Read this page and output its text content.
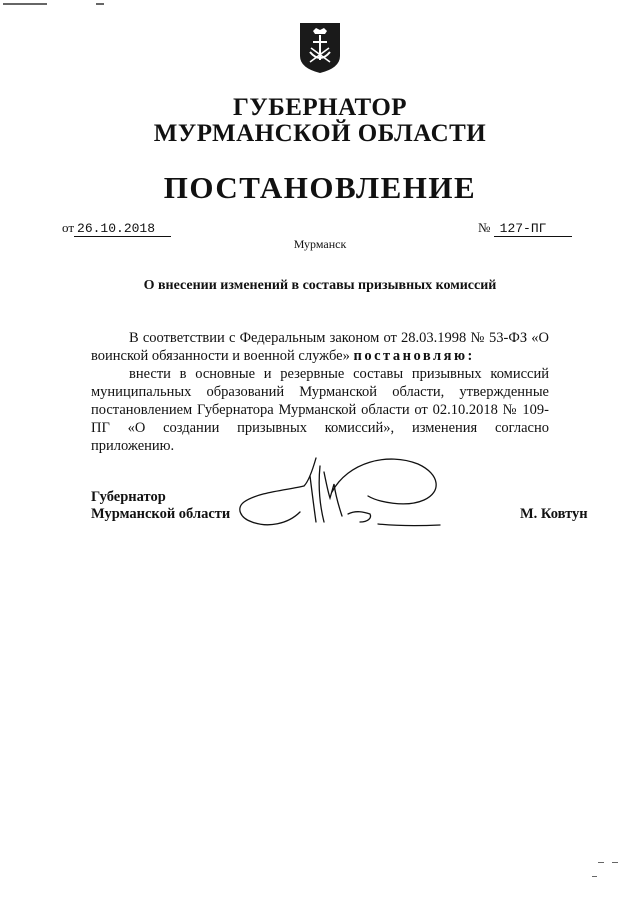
ГУБЕРНАТОР
МУРМАНСКОЙ ОБЛАСТИ
ПОСТАНОВЛЕНИЕ
от 26.10.2018	№ 127-ПГ
Мурманск
О внесении изменений в составы призывных комиссий

В соответствии с Федеральным законом от 28.03.1998 № 53-ФЗ «О воинской обязанности и военной службе» постановляю:

внести в основные и резервные составы призывных комиссий муниципальных образований Мурманской области, утвержденные постановлением Губернатора Мурманской области от 02.10.2018 № 109-ПГ «О создании призывных комиссий», изменения согласно приложению.

Губернатор
Мурманской области	М. Ковтун
